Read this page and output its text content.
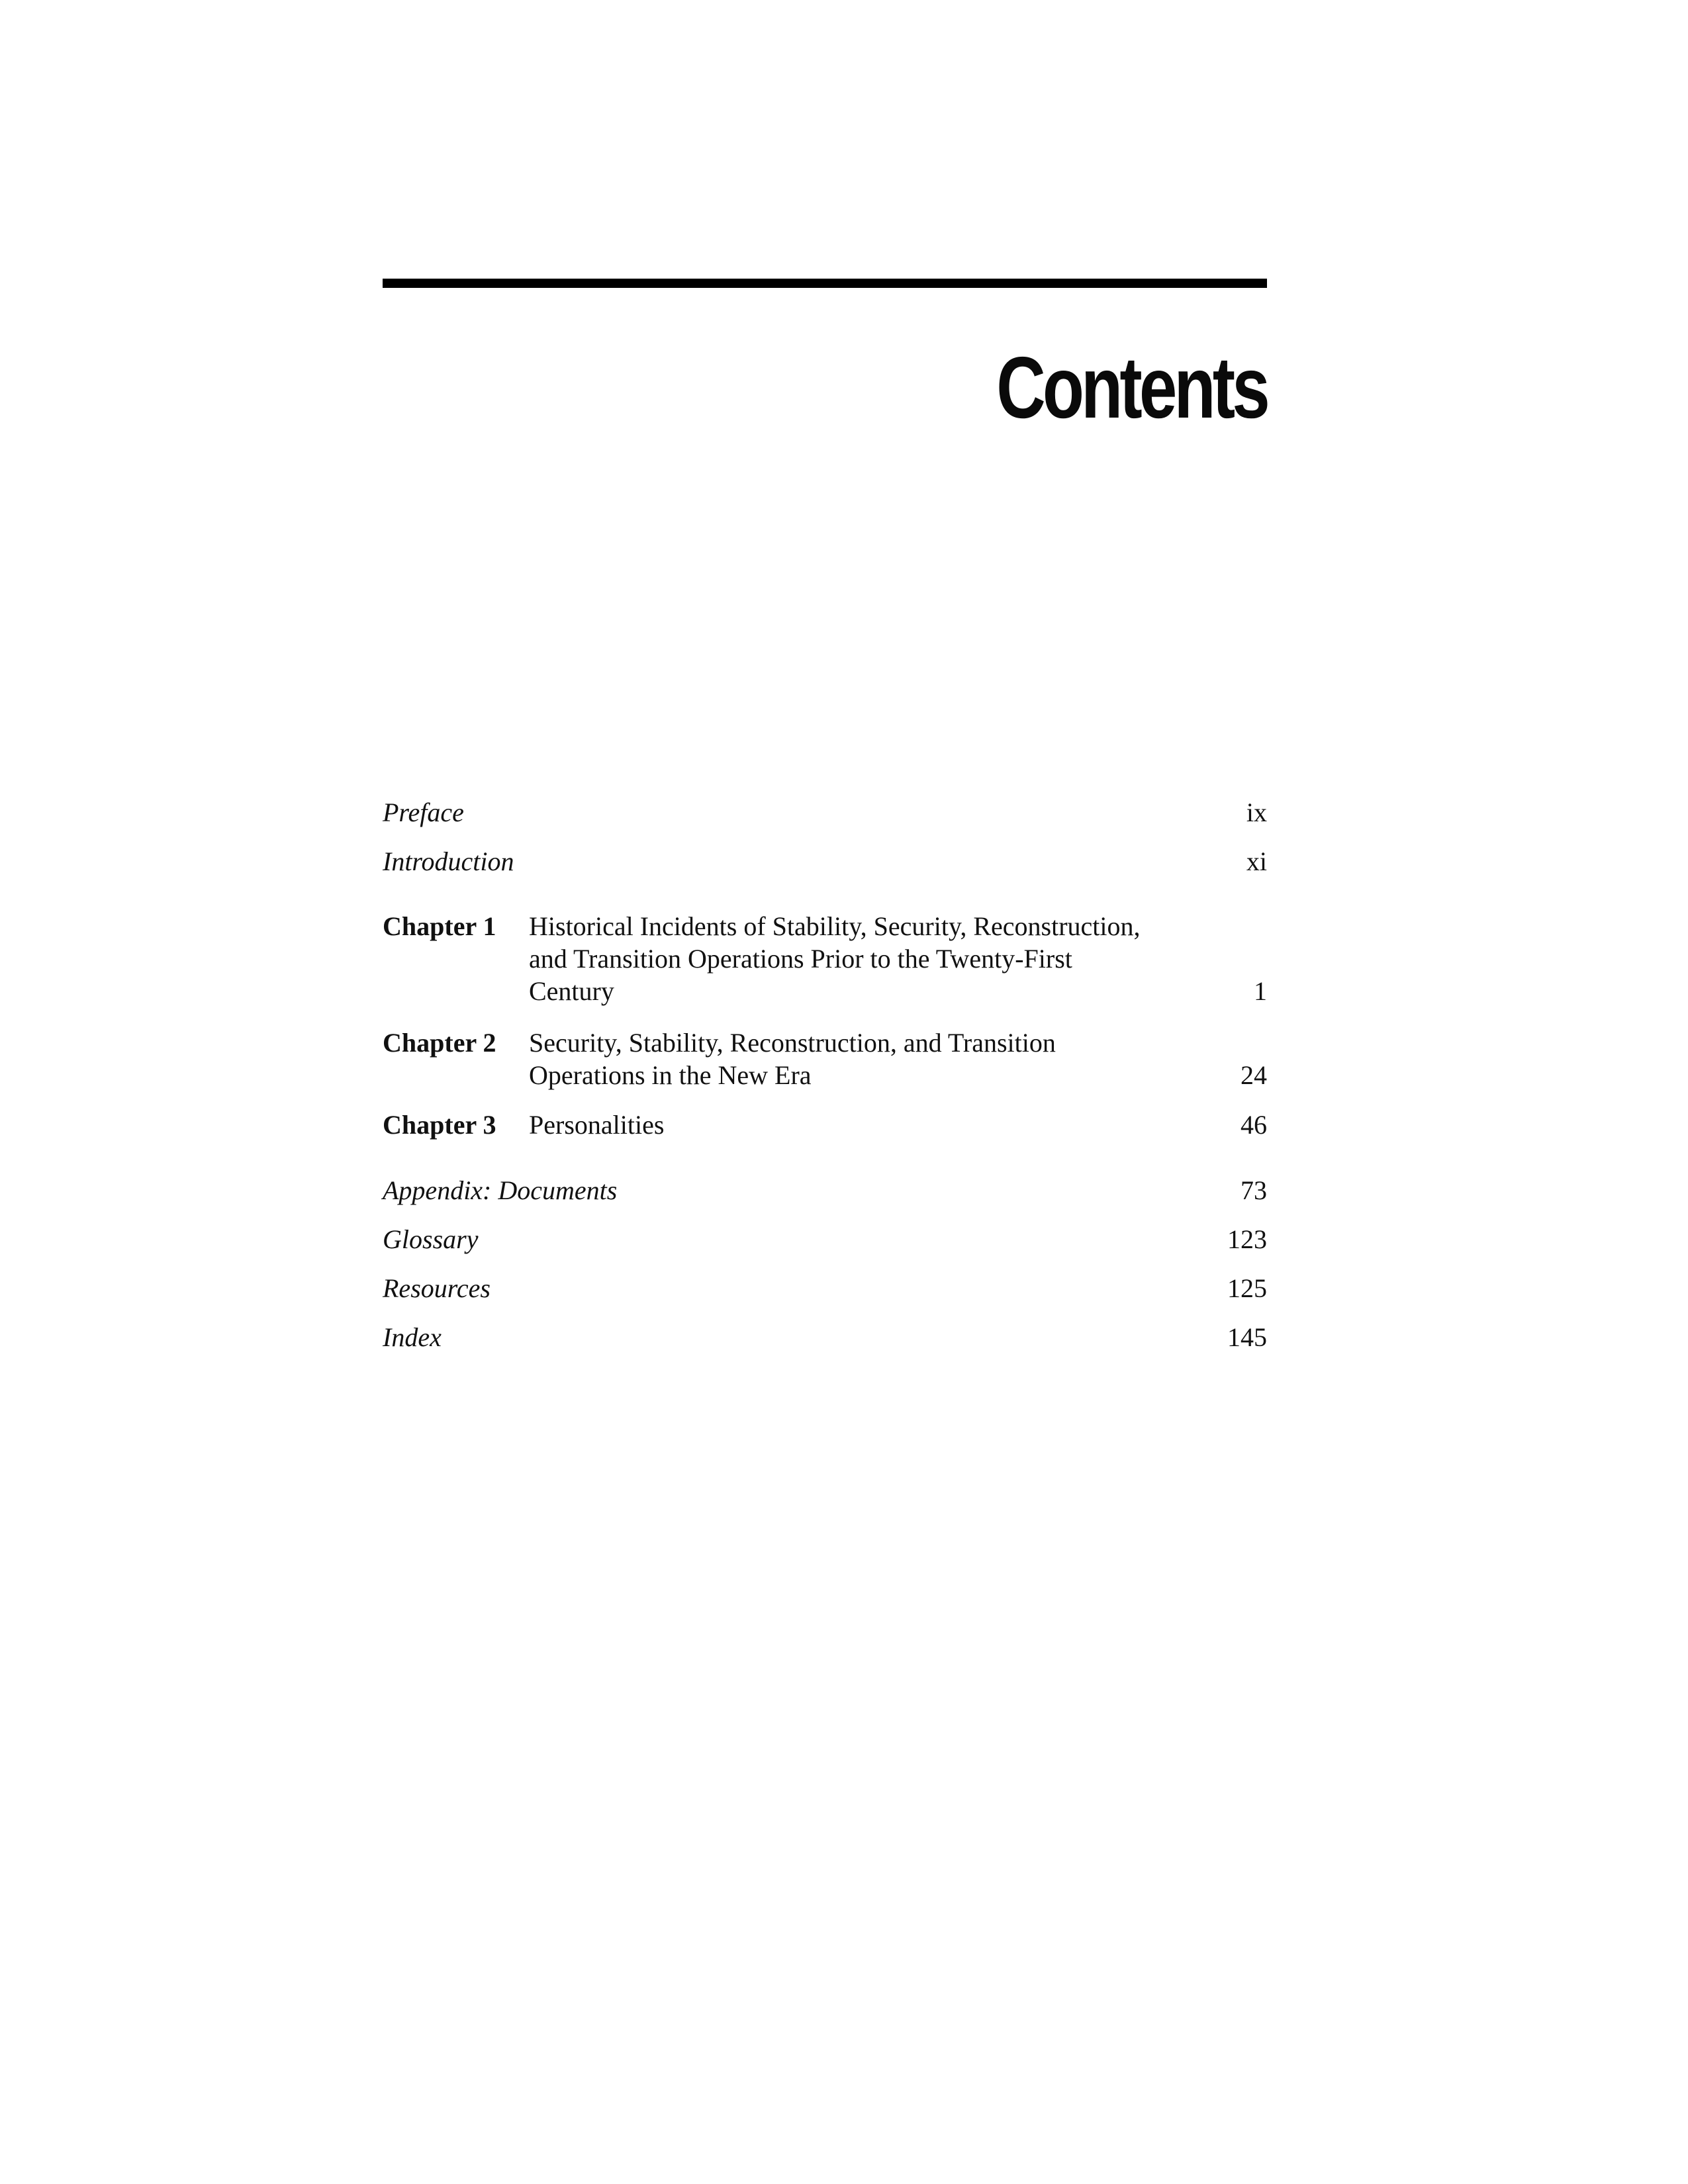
Contents
Preface	ix
Introduction	xi
Chapter 1 Historical Incidents of Stability, Security, Reconstruction,
and Transition Operations Prior to the Twenty-First
Century	1
Chapter 2 Security, Stability, Reconstruction, and Transition
Operations in the New Era	24
Chapter 3 Personalities	46
Appendix: Documents	73
Glossary	123
Resources	125
Index	145
